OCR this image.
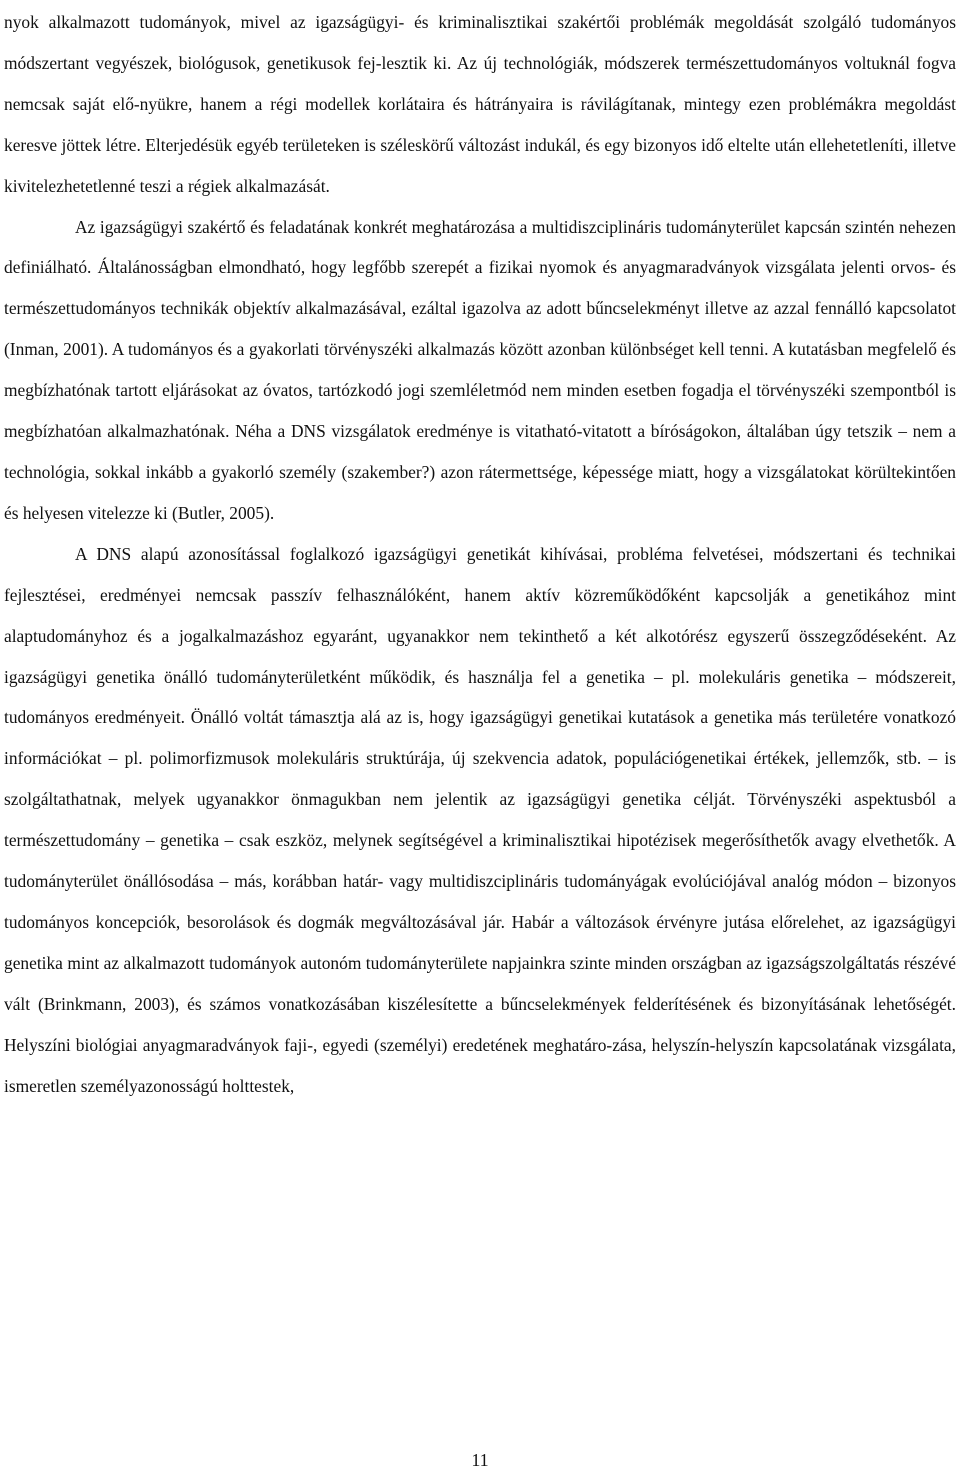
nyok alkalmazott tudományok, mivel az igazságügyi- és kriminalisztikai szakértői problémák megoldását szolgáló tudományos módszertant vegyészek, biológusok, genetikusok fej-lesztik ki. Az új technológiák, módszerek természettudományos voltuknál fogva nemcsak saját elő-nyükre, hanem a régi modellek korlátaira és hátrányaira is rávilágítanak, mintegy ezen problémákra megoldást keresve jöttek létre. Elterjedésük egyéb területeken is széleskörű változást indukál, és egy bizonyos idő eltelte után ellehetetleníti, illetve kivitelezhetetlenné teszi a régiek alkalmazását.

Az igazságügyi szakértő és feladatának konkrét meghatározása a multidiszciplináris tudományterület kapcsán szintén nehezen definiálható. Általánosságban elmondható, hogy legfőbb szerepét a fizikai nyomok és anyagmaradványok vizsgálata jelenti orvos- és természettudományos technikák objektív alkalmazásával, ezáltal igazolva az adott bűncselekményt illetve az azzal fennálló kapcsolatot (Inman, 2001). A tudományos és a gyakorlati törvényszéki alkalmazás között azonban különbséget kell tenni. A kutatásban megfelelő és megbízhatónak tartott eljárásokat az óvatos, tartózkodó jogi szemléletmód nem minden esetben fogadja el törvényszéki szempontból is megbízhatóan alkalmazhatónak. Néha a DNS vizsgálatok eredménye is vitatható-vitatott a bíróságokon, általában úgy tetszik – nem a technológia, sokkal inkább a gyakorló személy (szakember?) azon rátermettsége, képessége miatt, hogy a vizsgálatokat körültekintően és helyesen vitelezze ki (Butler, 2005).

A DNS alapú azonosítással foglalkozó igazságügyi genetikát kihívásai, probléma felvetései, módszertani és technikai fejlesztései, eredményei nemcsak passzív felhasználóként, hanem aktív közreműködőként kapcsolják a genetikához mint alaptudományhoz és a jogalkalmazáshoz egyaránt, ugyanakkor nem tekinthető a két alkotórész egyszerű összegződéseként. Az igazságügyi genetika önálló tudományterületként működik, és használja fel a genetika – pl. molekuláris genetika – módszereit, tudományos eredményeit. Önálló voltát támasztja alá az is, hogy igazságügyi genetikai kutatások a genetika más területére vonatkozó információkat – pl. polimorfizmusok molekuláris struktúrája, új szekvencia adatok, populációgenetikai értékek, jellemzők, stb. – is szolgáltathatnak, melyek ugyanakkor önmagukban nem jelentik az igazságügyi genetika célját. Törvényszéki aspektusból a természettudomány – genetika – csak eszköz, melynek segítségével a kriminalisztikai hipotézisek megerősíthetők avagy elvethetők. A tudományterület önállósodása – más, korábban határ- vagy multidiszciplináris tudományágak evolúciójával analóg módon – bizonyos tudományos koncepciók, besorolások és dogmák megváltozásával jár. Habár a változások érvényre jutása előrelehet, az igazságügyi genetika mint az alkalmazott tudományok autonóm tudományterülete napjainkra szinte minden országban az igazságszolgáltatás részévé vált (Brinkmann, 2003), és számos vonatkozásában kiszélesítette a bűncselekmények felderítésének és bizonyításának lehetőségét. Helyszíni biológiai anyagmaradványok faji-, egyedi (személyi) eredetének meghatáro-zása, helyszín-helyszín kapcsolatának vizsgálata, ismeretlen személyazonosságú holttestek,

11
